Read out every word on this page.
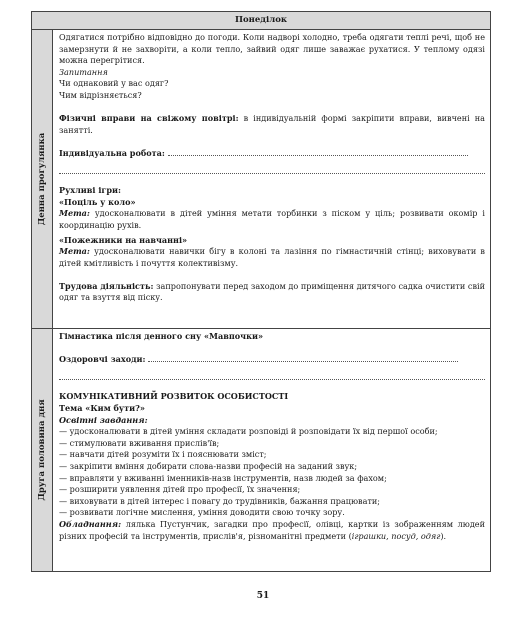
Понеділок
Денна прогулянка
Друга половина дня

Одягатися потрібно відповідно до погоди. Коли надворі холодно, треба одягати теплі речі, щоб не замерзнути й не захворіти, а коли тепло, зайвий одяг лише заважає рухатися. У теплому одязі можна перегрітися.

Запитання

Чи однаковий у вас одяг?

Чим відрізняється?

Фізичні вправи на свіжому повітрі: в індивідуальній формі закріпити вправи, вивчені на занятті.

Індивідуальна робота:

Рухливі ігри:

«Поціль у коло»

Мета: удосконалювати в дітей уміння метати торбинки з піском у ціль; розвивати окомір і координацію рухів.

«Пожежники на навчанні»

Мета: удосконалювати навички бігу в колоні та лазіння по гімнастичній стінці; виховувати в дітей кмітливість і почуття колективізму.

Трудова діяльність: запропонувати перед заходом до приміщення дитячого садка очистити свій одяг та взуття від піску.

Гімнастика після денного сну «Мавпочки»

Оздоровчі заходи:

КОМУНІКАТИВНИЙ РОЗВИТОК ОСОБИСТОСТІ

Тема «Ким бути?»

Освітні завдання:

— удосконалювати в дітей уміння складати розповіді й розповідати їх від першої особи;

— стимулювати вживання прислів'їв;

— навчати дітей розуміти їх і пояснювати зміст;

— закріпити вміння добирати слова-назви професій на заданий звук;

— вправляти у вживанні іменників-назв інструментів, назв людей за фахом;

— розширити уявлення дітей про професії, їх значення;

— виховувати в дітей інтерес і повагу до трудівників, бажання працювати;

— розвивати логічне мислення, уміння доводити свою точку зору.

Обладнання: лялька Пустунчик, загадки про професії, олівці, картки із зображенням людей різних професій та інструментів, прислів'я, різноманітні предмети (іграшки, посуд, одяг).

51
